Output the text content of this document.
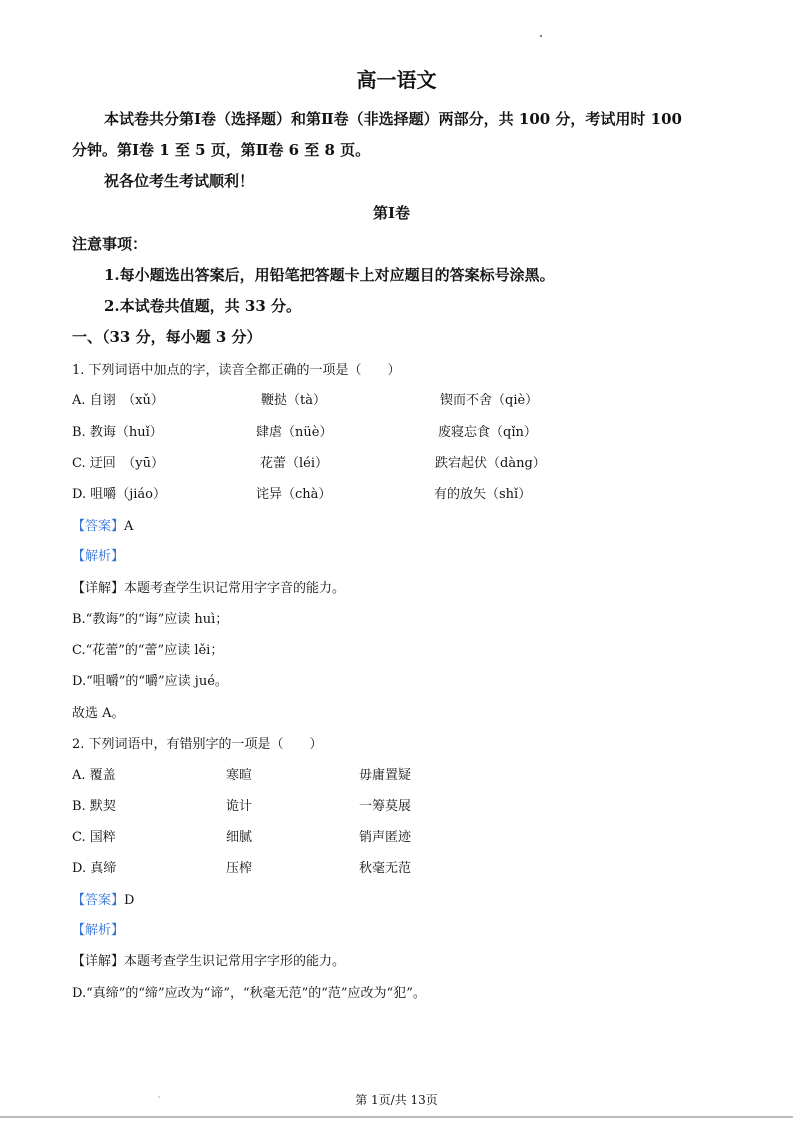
高一语文
本试卷共分第Ⅰ卷（选择题）和第Ⅱ卷（非选择题）两部分，共 100 分，考试用时 100
分钟。第Ⅰ卷 1 至 5 页，第Ⅱ卷 6 至 8 页。
祝各位考生考试顺利！
第Ⅰ卷
注意事项：
1.每小题选出答案后，用铅笔把答题卡上对应题目的答案标号涂黑。
2.本试卷共值题，共 33 分。
一、（33 分，每小题 3 分）
1. 下列词语中加点的字，读音全都正确的一项是（　　）
A. 自诩　（xǔ）	鞭挞（tà）	锲而不舍（qiè）
B. 教诲（huǐ）	肆虐（nüè）	废寝忘食（qǐn）
C. 迂回　（yū）	花蕾（léi）	跌宕起伏（dàng）
D. 咀嚼（jiáo）	诧异（chà）	有的放矢（shǐ）
【答案】A
【解析】
【详解】本题考查学生识记常用字字音的能力。
B.“教诲”的“诲”应读 huì；
C.“花蕾”的“蕾”应读 lěi；
D.“咀嚼”的“嚼”应读 jué。
故选 A。
2. 下列词语中，有错别字的一项是（　　）
A. 覆盖	寒暄	毋庸置疑
B. 默契	诡计	一筹莫展
C. 国粹	细腻	销声匿迹
D. 真缔	压榨	秋毫无范
【答案】D
【解析】
【详解】本题考查学生识记常用字字形的能力。
D.“真缔”的“缔”应改为“谛”，“秋毫无范”的“范”应改为“犯”。
第 1页/共 13页
